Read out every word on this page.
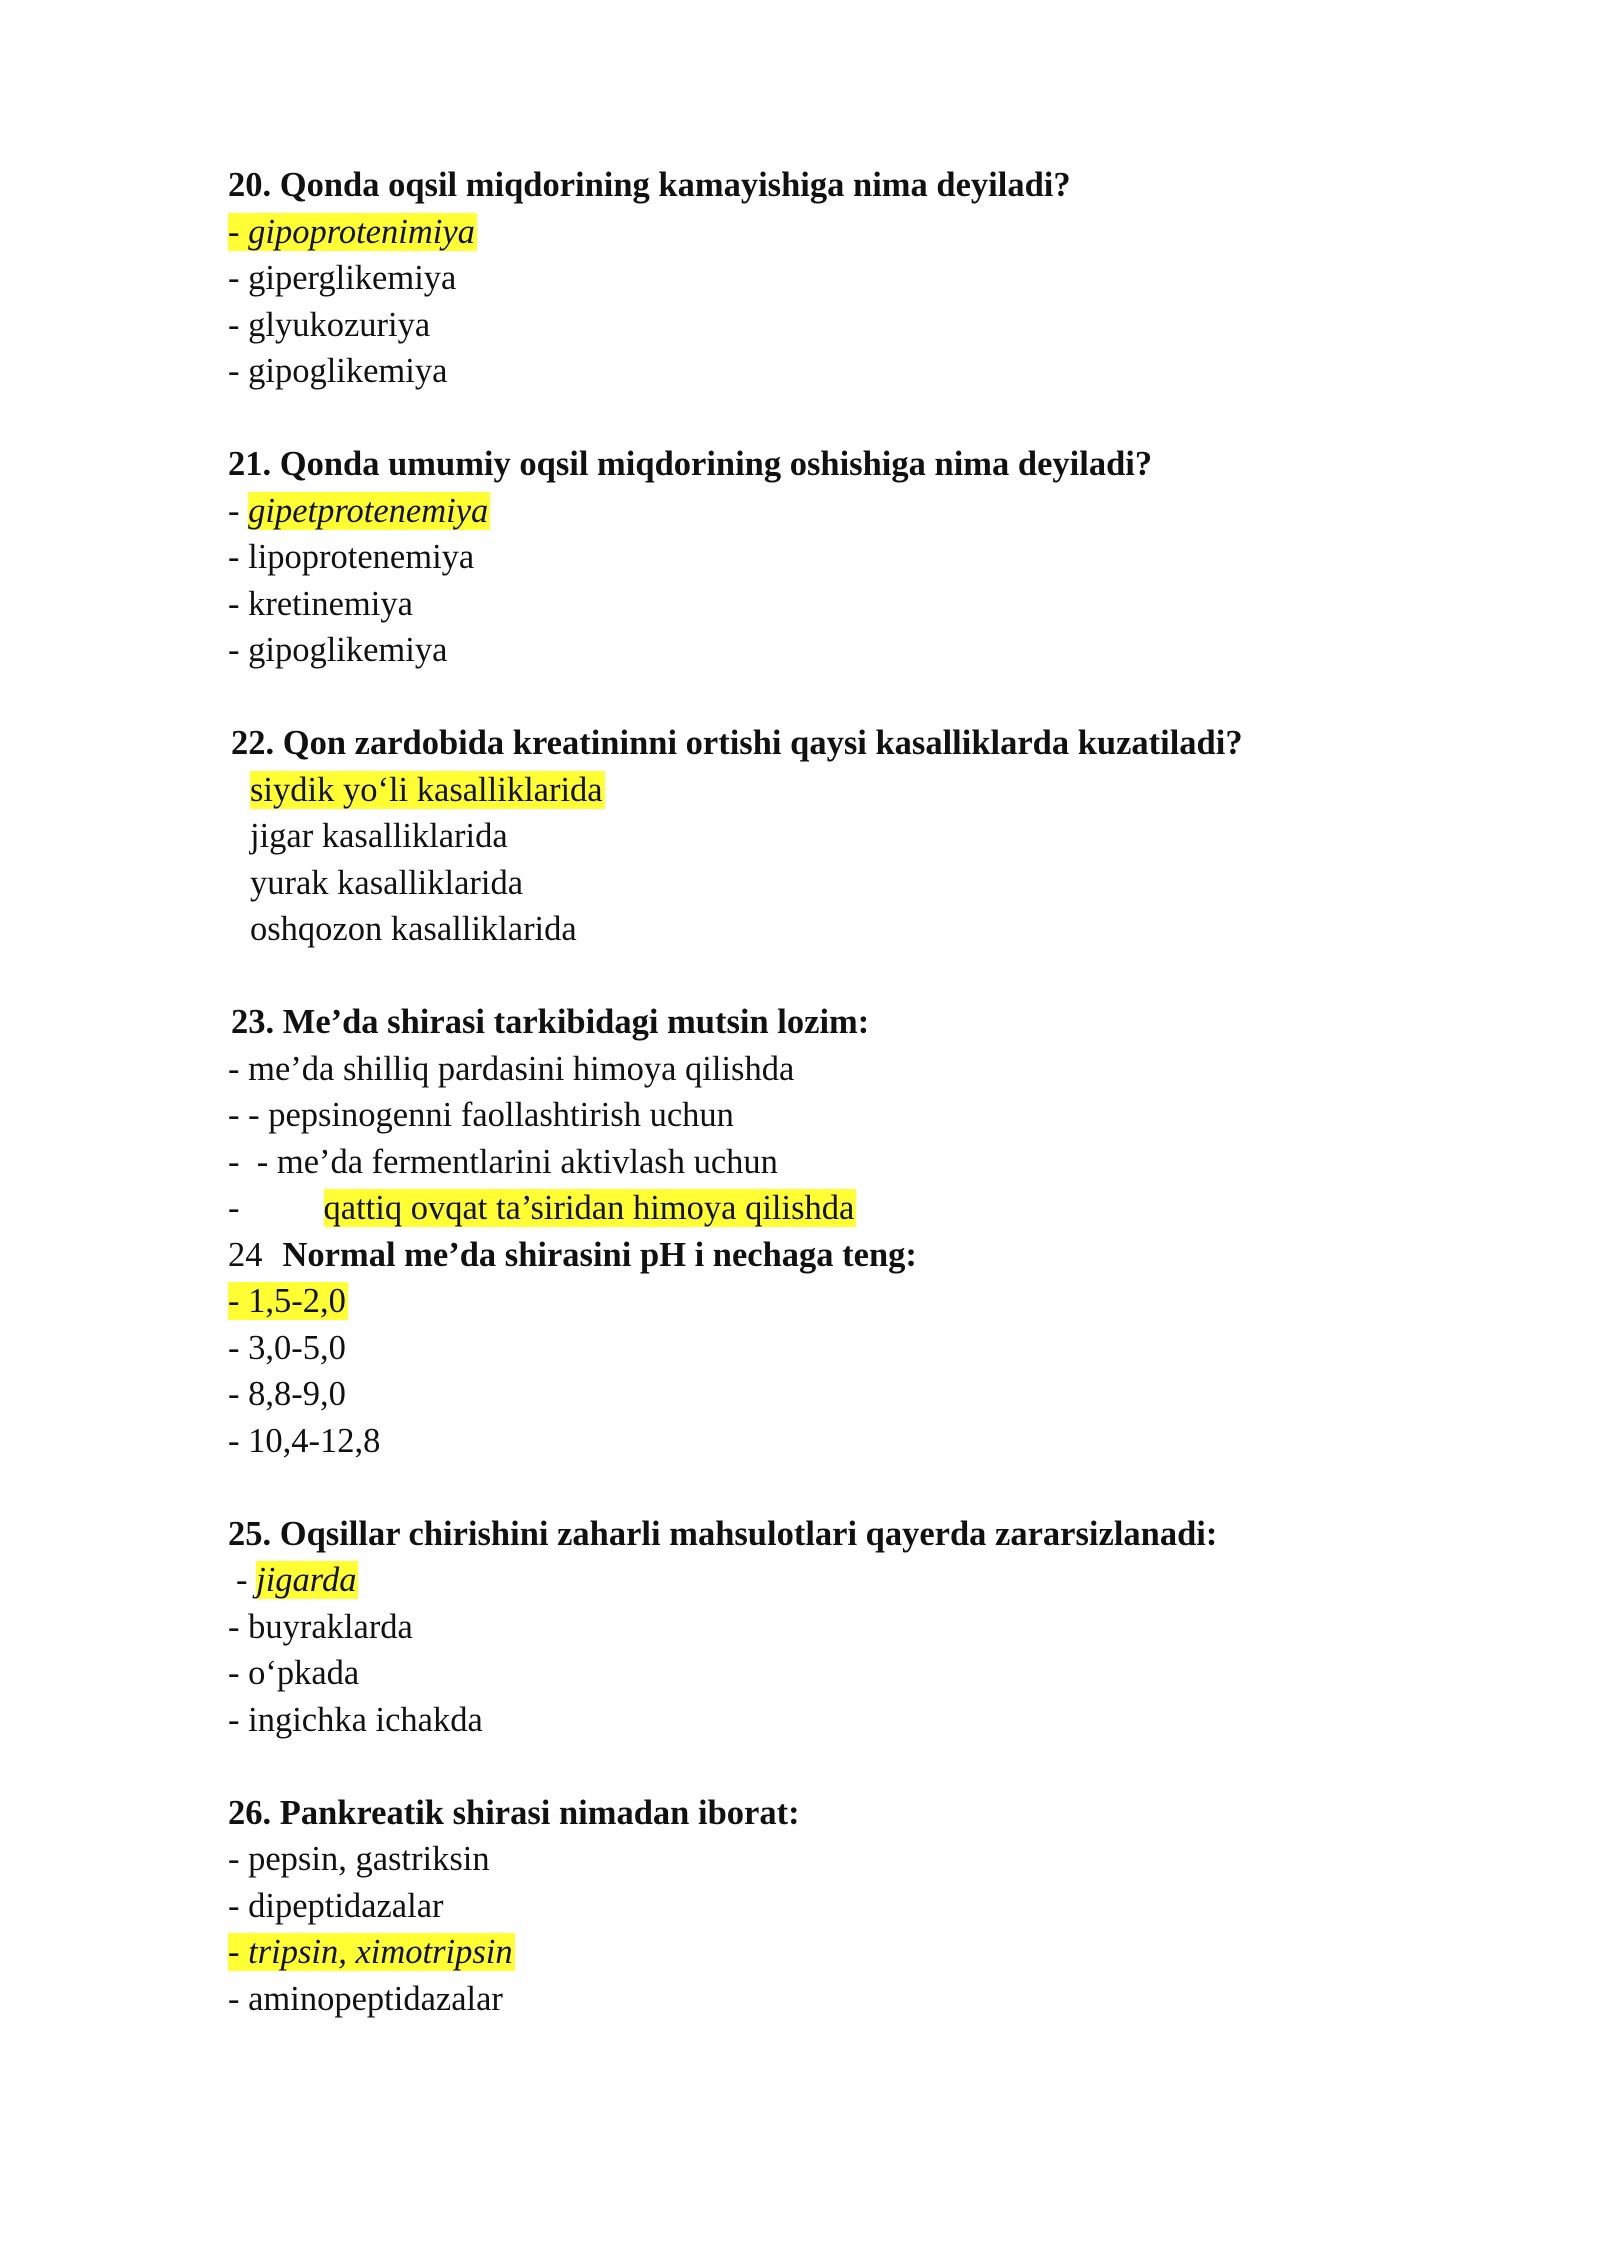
20. Qonda oqsil miqdorining kamayishiga nima deyiladi?
- gipoprotenimiya
- giperglikemiya
- glyukozuriya
- gipoglikemiya
21. Qonda umumiy oqsil miqdorining oshishiga nima deyiladi?
- gipetprotenemiya
- lipoprotenemiya
- kretinemiya
- gipoglikemiya
22. Qon zardobida kreatininni ortishi qaysi kasalliklarda kuzatiladi?
siydik yo‘li kasalliklarida
jigar kasalliklarida
yurak kasalliklarida
oshqozon kasalliklarida
23. Me’da shirasi tarkibidagi mutsin lozim:
- me’da shilliq pardasini himoya qilishda
- - pepsinogenni faollashtirish uchun
-  - me’da fermentlarini aktivlash uchun
- qattiq ovqat ta’siridan himoya qilishda
24 Normal me’da shirasini pH i nechaga teng:
- 1,5-2,0
- 3,0-5,0
- 8,8-9,0
- 10,4-12,8
25. Oqsillar chirishini zaharli mahsulotlari qayerda zararsizlanadi:
- jigarda
- buyraklarda
- o‘pkada
- ingichka ichakda
26. Pankreatik shirasi nimadan iborat:
- pepsin, gastriksin
- dipeptidazalar
- tripsin, ximotripsin
- aminopeptidazalar
